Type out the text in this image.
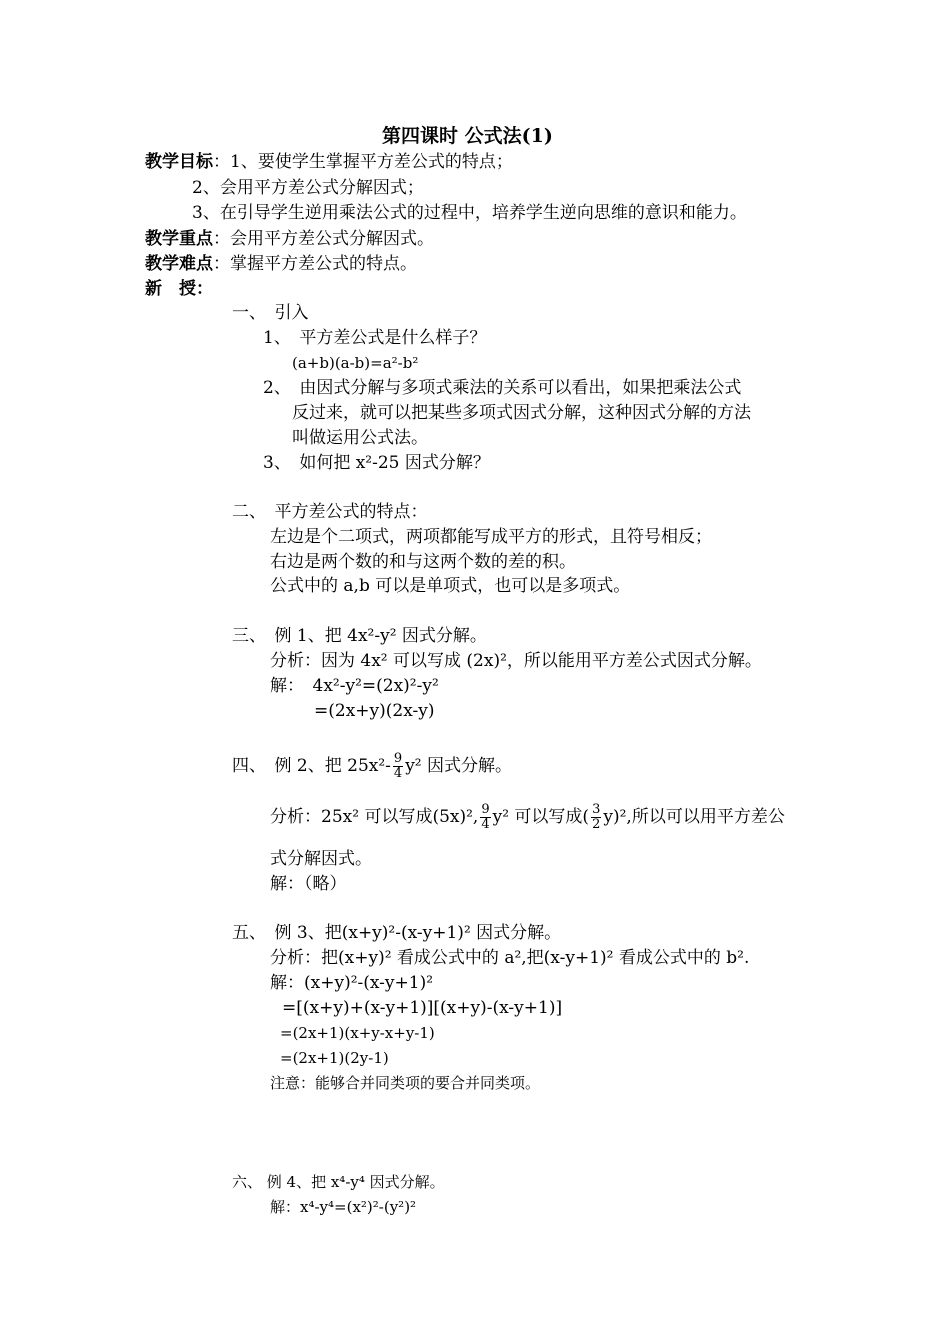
第四课时 公式法(1)
教学目标：1、要使学生掌握平方差公式的特点；
2、会用平方差公式分解因式；
3、在引导学生逆用乘法公式的过程中，培养学生逆向思维的意识和能力。
教学重点：会用平方差公式分解因式。
教学难点：掌握平方差公式的特点。
新　授：
一、　引入
1、　平方差公式是什么样子？
(a+b)(a-b)=a²-b²
2、　由因式分解与多项式乘法的关系可以看出，如果把乘法公式
反过来，就可以把某些多项式因式分解，这种因式分解的方法
叫做运用公式法。
3、　如何把 x²-25 因式分解？
二、　平方差公式的特点：
左边是个二项式，两项都能写成平方的形式，且符号相反；
右边是两个数的和与这两个数的差的积。
公式中的 a,b 可以是单项式，也可以是多项式。
三、　例 1、把 4x²-y² 因式分解。
分析：因为 4x² 可以写成 (2x)²，所以能用平方差公式因式分解。
解：　4x²-y²=(2x)²-y²
=(2x+y)(2x-y)
四、　例 2、把 $25x^2- \frac{9}{4} y^2$ 因式分解。
分析：25x² 可以写成(5x)², $\frac{9}{4} y^2$ 可以写成( $\frac{3}{2} y)^2$,所以可以用平方差公
式分解因式。
解：（略）
五、　例 3、把(x+y)²-(x-y+1)² 因式分解。
分析：把(x+y)² 看成公式中的 a²,把(x-y+1)² 看成公式中的 b².
解：(x+y)²-(x-y+1)²
=[(x+y)+(x-y+1)][(x+y)-(x-y+1)]
=(2x+1)(x+y-x+y-1)
=(2x+1)(2y-1)
注意：能够合并同类项的要合并同类项。
六、 例 4、把 x⁴-y⁴ 因式分解。
解：x⁴-y⁴=(x²)²-(y²)²
